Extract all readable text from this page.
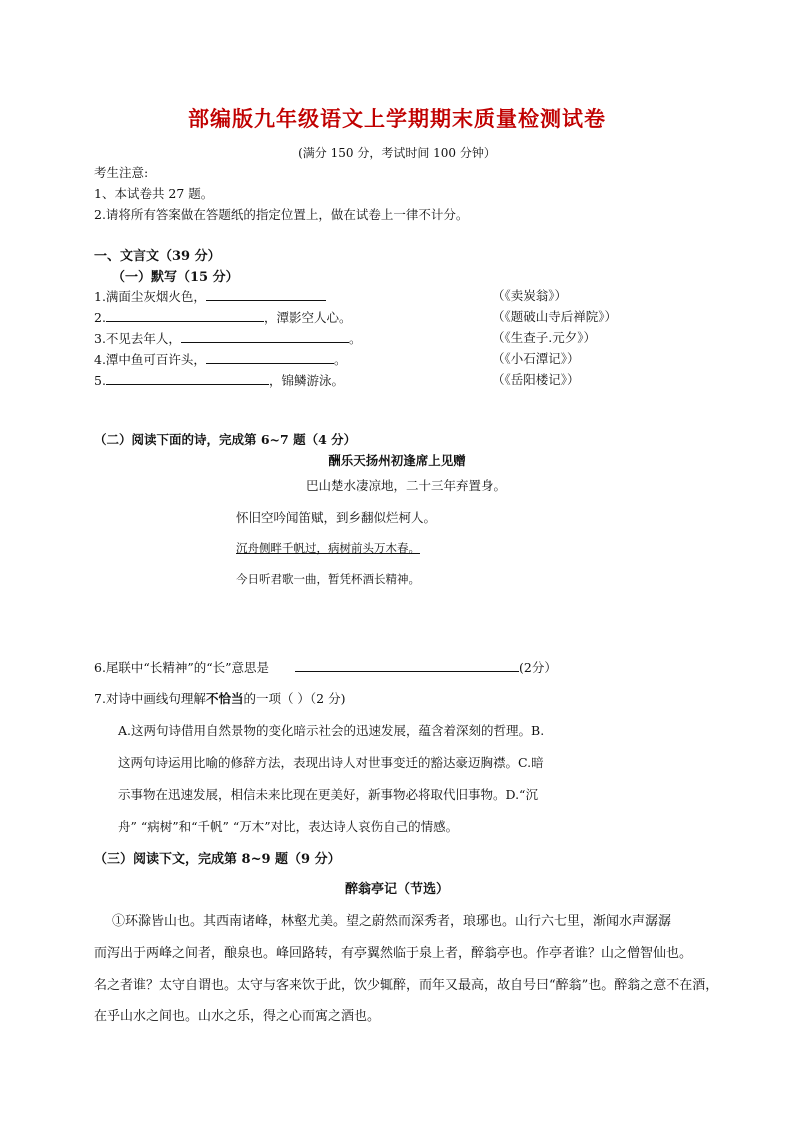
部编版九年级语文上学期期末质量检测试卷
(满分 150 分，考试时间 100 分钟）
考生注意:
1、本试卷共 27 题。
2.请将所有答案做在答题纸的指定位置上，做在试卷上一律不计分。
一、文言文（39 分）
（一）默写（15 分）
1.满面尘灰烟火色，	（《卖炭翁》）
2.	，潭影空人心。	（《题破山寺后禅院》）
3.不见去年人，	。	（《生查子.元夕》）
4.潭中鱼可百许头，	。	（《小石潭记》）
5.	，锦鳞游泳。	（《岳阳楼记》）
（二）阅读下面的诗，完成第 6~7 题（4 分）
酬乐天扬州初逢席上见赠
巴山楚水凄凉地，二十三年弃置身。
怀旧空吟闻笛赋，到乡翻似烂柯人。
沉舟侧畔千帆过，病树前头万木春。
今日听君歌一曲，暂凭杯酒长精神。
6.尾联中“长精神”的“长”意思是	(2分）
7.对诗中画线句理解不恰当的一项（ ）（2 分)
A.这两句诗借用自然景物的变化暗示社会的迅速发展，蕴含着深刻的哲理。B.
这两句诗运用比喻的修辞方法，表现出诗人对世事变迁的豁达豪迈胸襟。C.暗
示事物在迅速发展，相信未来比现在更美好，新事物必将取代旧事物。D.“沉
舟” “病树”和“千帆” “万木”对比，表达诗人哀伤自己的情感。
（三）阅读下文，完成第 8~9 题（9 分）
醉翁亭记（节选）
①环滁皆山也。其西南诸峰，林壑尤美。望之蔚然而深秀者，琅琊也。山行六七里，渐闻水声潺潺
而泻出于两峰之间者，酿泉也。峰回路转，有亭翼然临于泉上者，醉翁亭也。作亭者谁？山之僧智仙也。
名之者谁？太守自谓也。太守与客来饮于此，饮少辄醉，而年又最高，故自号曰“醉翁”也。醉翁之意不在酒，
在乎山水之间也。山水之乐，得之心而寓之酒也。
